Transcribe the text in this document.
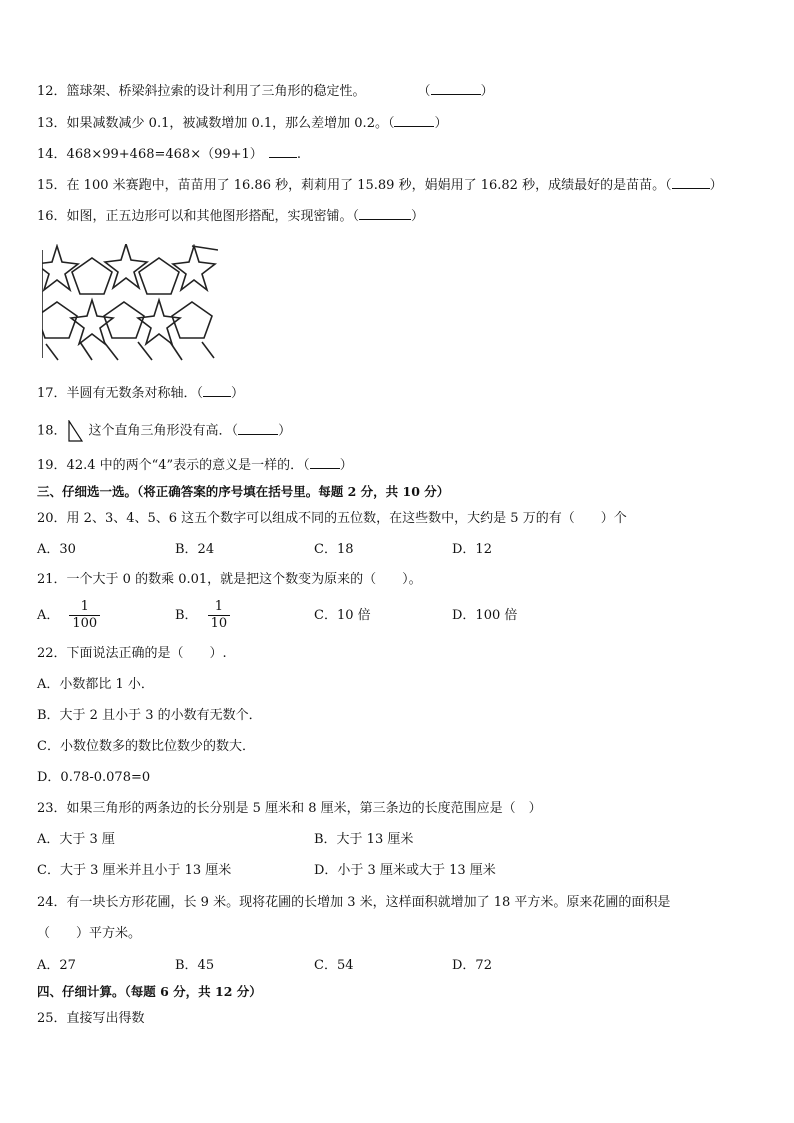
12．篮球架、桥梁斜拉索的设计利用了三角形的稳定性。	（	）
13．如果减数减少 0.1，被减数增加 0.1，那么差增加 0.2。（	）
14．468×99+468=468×（99+1）	.
15．在 100 米赛跑中，苗苗用了 16.86 秒，莉莉用了 15.89 秒，娟娟用了 16.82 秒，成绩最好的是苗苗。（	）
16．如图，正五边形可以和其他图形搭配，实现密铺。（	）
17．半圆有无数条对称轴．（ ）
18． 这个直角三角形没有高．（	）
19．42.4 中的两个“4”表示的意义是一样的．（ ）
三、仔细选一选。（将正确答案的序号填在括号里。每题 2 分，共 10 分）
20．用 2、3、4、5、6 这五个数字可以组成不同的五位数，在这些数中，大约是 5 万的有（　　）个
A．30	B．24	C．18	D．12
21．一个大于 0 的数乘 0.01，就是把这个数变为原来的（　　）。
A． $\frac{1}{100}$	B． $\frac{1}{10}$	C．10 倍	D．100 倍
22．下面说法正确的是（　　）.
A．小数都比 1 小．
B．大于 2 且小于 3 的小数有无数个．
C．小数位数多的数比位数少的数大．
D．0.78-0.078=0
23．如果三角形的两条边的长分别是 5 厘米和 8 厘米，第三条边的长度范围应是（　）
A．大于 3 厘	B．大于 13 厘米
C．大于 3 厘米并且小于 13 厘米	D．小于 3 厘米或大于 13 厘米
24．有一块长方形花圃，长 9 米。现将花圃的长增加 3 米，这样面积就增加了 18 平方米。原来花圃的面积是
（　　）平方米。
A．27	B．45	C．54	D．72
四、仔细计算。（每题 6 分，共 12 分）
25．直接写出得数
